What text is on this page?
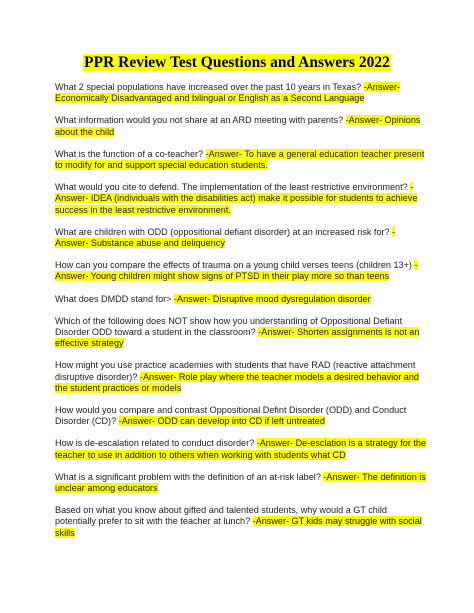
PPR Review Test Questions and Answers 2022
What 2 special populations have increased over the past 10 years in Texas? -Answer- Economically Disadvantaged and bilingual or English as a Second Language
What information would you not share at an ARD meeting with parents? -Answer- Opinions about the child
What is the function of a co-teacher? -Answer- To have a general education teacher present to modify for and support special education students.
What would you cite to defend. The implementation of the least restrictive environment? -Answer- IDEA (individuals with the disabilities act) make it possible for students to achieve success in the least restrictive environment.
What are children with ODD (oppositional defiant disorder) at an increased risk for? -Answer- Substance abuse and deliquency
How can you compare the effects of trauma on a young child verses teens (children 13+) -Answer- Young children might show signs of PTSD in their play more so than teens
What does DMDD stand for> -Answer- Disruptive mood dysregulation disorder
Which of the following does NOT show how you understanding of Oppositional Defiant Disorder ODD toward a student in the classroom? -Answer- Shorten assignments is not an effective strategy
How might you use practice academies with students that have RAD (reactive attachment disruptive disorder)? -Answer- Role play where the teacher models a desired behavior and the student practices or models
How would you compare and contrast Oppositional Defint Disorder (ODD) and Conduct Disorder (CD)? -Answer- ODD can develop into CD if left untreated
How is de-escalation related to conduct disorder? -Answer- De-esclation is a strategy for the teacher to use in addition to others when working with students what CD
What is a significant problem with the definition of an at-risk label? -Answer- The definition is unclear among educators
Based on what you know about gifted and talented students, why would a GT child potentially prefer to sit with the teacher at lunch? -Answer- GT kids may struggle with social skills
